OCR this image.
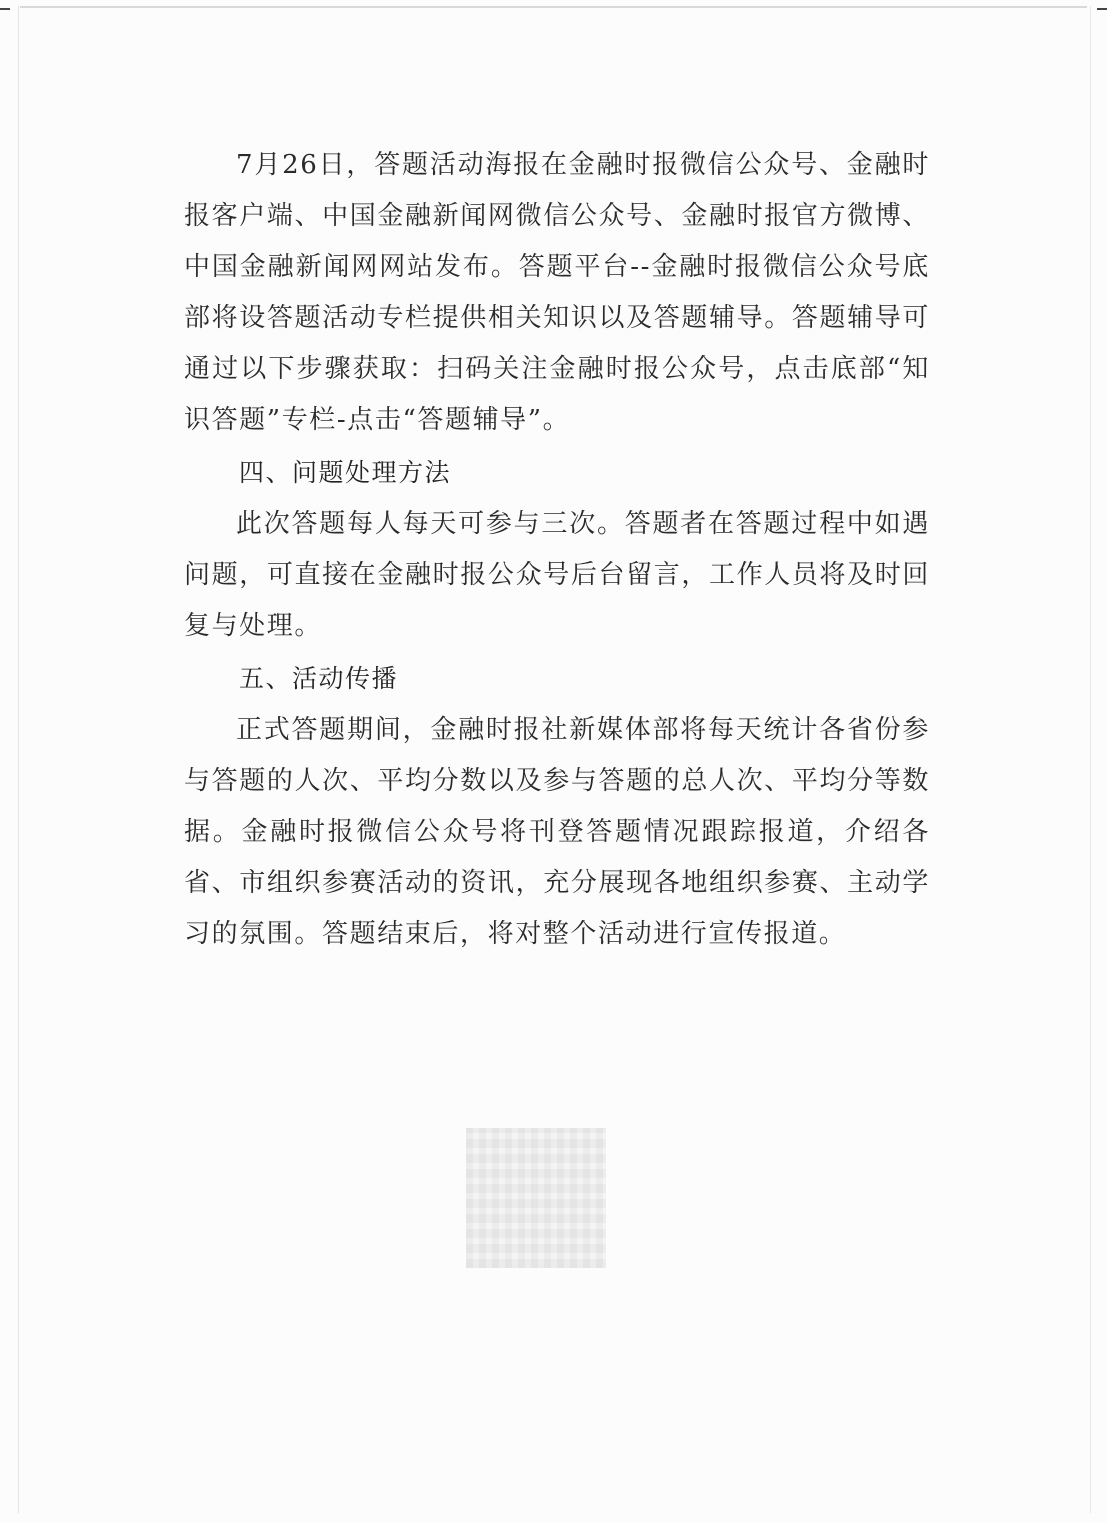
7月26日，答题活动海报在金融时报微信公众号、金融时报客户端、中国金融新闻网微信公众号、金融时报官方微博、中国金融新闻网网站发布。答题平台--金融时报微信公众号底部将设答题活动专栏提供相关知识以及答题辅导。答题辅导可通过以下步骤获取：扫码关注金融时报公众号，点击底部“知识答题”专栏-点击“答题辅导”。

四、问题处理方法

此次答题每人每天可参与三次。答题者在答题过程中如遇问题，可直接在金融时报公众号后台留言，工作人员将及时回复与处理。

五、活动传播

正式答题期间，金融时报社新媒体部将每天统计各省份参与答题的人次、平均分数以及参与答题的总人次、平均分等数据。金融时报微信公众号将刊登答题情况跟踪报道，介绍各省、市组织参赛活动的资讯，充分展现各地组织参赛、主动学习的氛围。答题结束后，将对整个活动进行宣传报道。
